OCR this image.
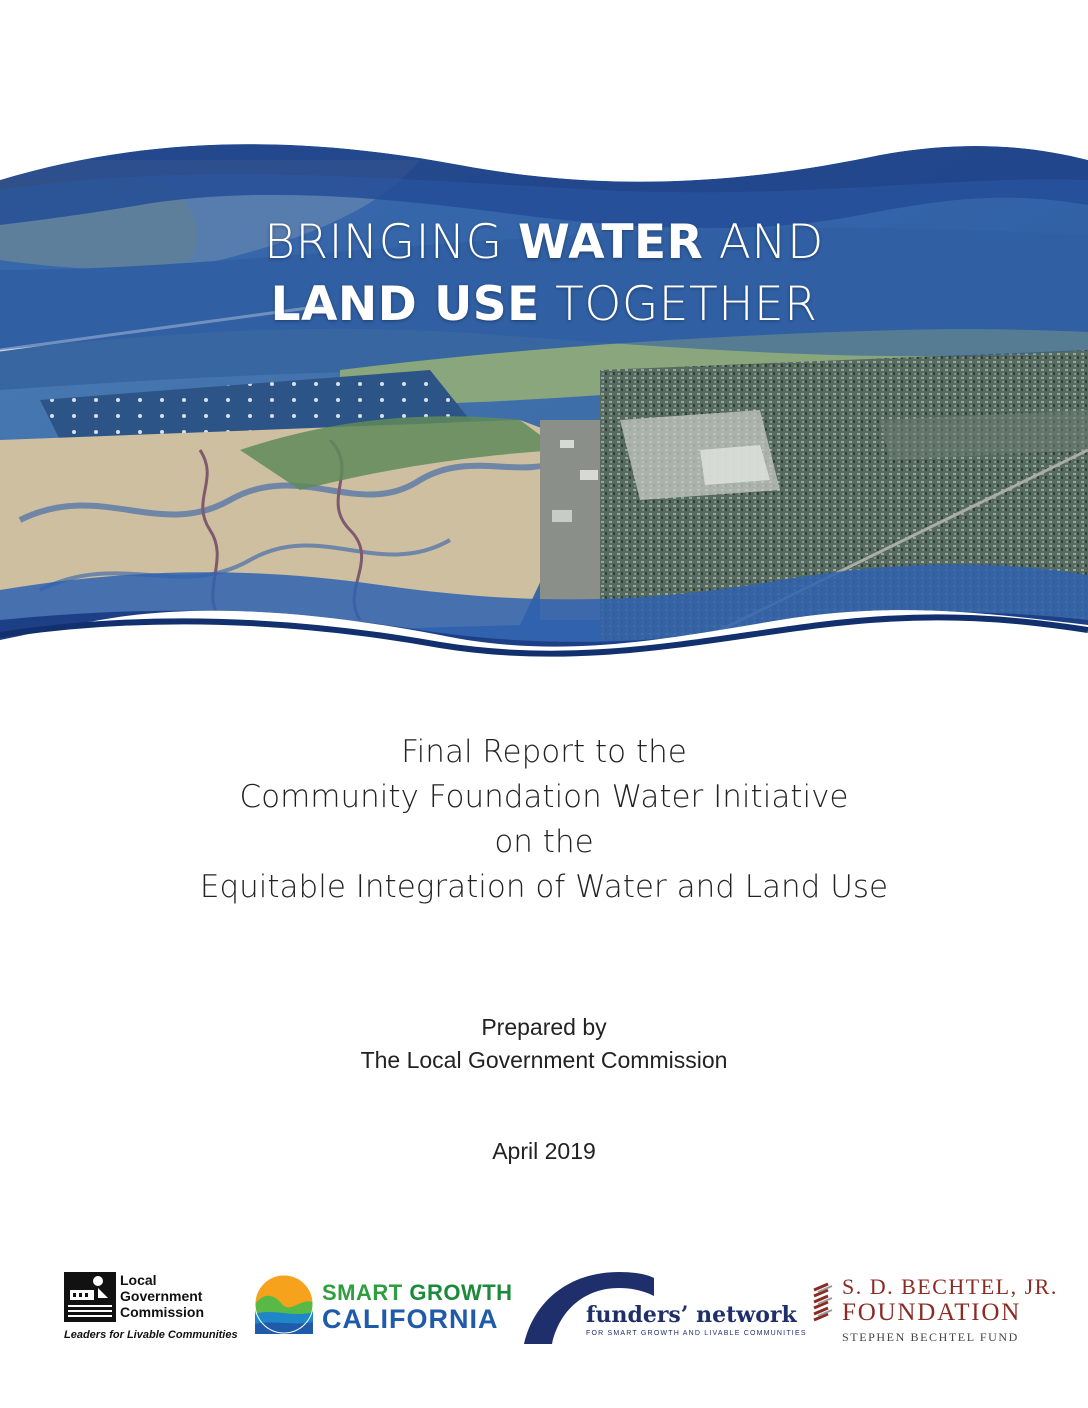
BRINGING WATER AND
LAND USE TOGETHER
Final Report to the
Community Foundation Water Initiative
on the
Equitable Integration of Water and Land Use
Prepared by
The Local Government Commission
April 2019
Local
Government
Commission
Leaders for Livable Communities
SMART GROWTH
CALIFORNIA	funders’ network
FOR SMART GROWTH AND LIVABLE COMMUNITIES
S. D. BECHTEL, JR.
FOUNDATION
STEPHEN BECHTEL FUND
